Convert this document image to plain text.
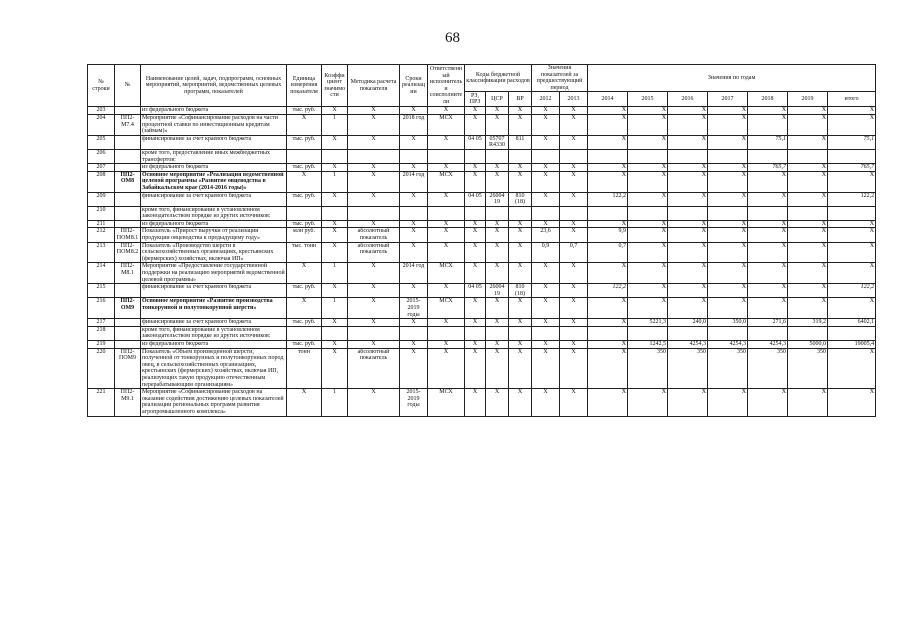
68
№ строки	№	Наименование целей, задач, подпрограмм, основных мероприятий, мероприятий, ведомственных целевых программ, показателей	Единица измерения показателя	Коэффициент значимости	Методика расчета показателя	Сроки реализации	Ответственный исполнитель и соисполнители	Коды бюджетной классификации расходов			Значения показателей за предшествующий период		Значения по годам						
								РЗ, ПРЗ	ЦСР	ВР	2012	2013	2014	2015	2016	2017	2018	2019	итого
203		из федерального бюджета	тыс. руб.	X	X	X	X	X	X	X	X	X	X	X	X	X	X	X	X
204	ПП2-М7.4	Мероприятие «Софинансирование расходов на части процентной ставки по инвестиционным кредитам (займам)»	X	1	X	2018 год	МСХ	X	X	X	X	X	X	X	X	X	X	X	X
205		финансирование за счет краевого бюджета	тыс. руб.	X	X	X	X	04 05	05707 R4330	811	X	X	X	X	X	X	75,1	X	75,1
206		кроме того, предоставление иных межбюджетных трансфертов:																	
207		из федерального бюджета	тыс. руб.	X	X	X	X	X	X	X	X	X	X	X	X	X	765,7	X	765,7
208	ПП2-ОМ8	Основное мероприятие «Реализация ведомственной целевой программы «Развитие овцеводства в Забайкальском крае (2014-2016 годы)»	X	1	X	2014 год	МСХ	X	X	X	X	X	X	X	X	X	X	X	X
209		финансирование за счет краевого бюджета	тыс. руб.	X	X	X	X	04 05	26004 19	810 (18)	X	X	122,2	X	X	X	X	X	122,2
210		кроме того, финансирование в установленном законодательством порядке из других источников:																	
211		из федерального бюджета	тыс. руб.	X	X	X	X	X	X	X	X	X	X	X	X	X	X	X	X
212	ПП2-ПОМ8.1	Показатель «Прирост выручки от реализации продукции овцеводства к предыдущему году»	млн руб.	X	абсолютный показатель	X	X	X	X	X	23,6	X	9,9	X	X	X	X	X	X
213	ПП2-ПОМ8.2	Показатель «Производство шерсти в сельскохозяйственных организациях, крестьянских (фермерских) хозяйствах, включая ИП»	тыс. тонн	X	абсолютный показатель	X	X	X	X	X	0,9	0,7	0,7	X	X	X	X	X	X
214	ПП2-М8.1	Мероприятие «Предоставление государственной поддержки на реализацию мероприятий ведомственной целевой программы»	X	1	X	2014 год	МСХ	X	X	X	X	X	X	X	X	X	X	X	X
215		финансирование за счет краевого бюджета	тыс. руб.	X	X	X	X	04 05	26004 19	810 (18)	X	X	122,2	X	X	X	X	X	122,2
216	ПП2-ОМ9	Основное мероприятие «Развитие производства тонкорунной и полутонкорунной шерсти»	X	1	X	2015-2019 годы	МСХ	X	X	X	X	X	X	X	X	X	X	X	X
217		финансирование за счет краевого бюджета	тыс. руб.	X	X	X	X	X	X	X	X	X	X	5221,3	240,0	350,0	271,6	319,2	6402,1
218		кроме того, финансирование в установленном законодательством порядке из других источников:																	
219		из федерального бюджета	тыс. руб.	X	X	X	X	X	X	X	X	X	X	1242,5	4254,3	4254,3	4254,3	5000,0	19005,4
220	ПП2-ПОМ9	Показатель «Объем произведенной шерсти, полученной от тонкорунных и полутонкорунных пород овец, в сельскохозяйственных организациях, крестьянских (фермерских) хозяйствах, включая ИП, реализующих такую продукцию отечественным перерабатывающим организациям»	тонн	X	абсолютный показатель	X	X	X	X	X	X	X	X	350	350	350	350	350	X
221	ПП2-М9.1	Мероприятие «Софинансирование расходов на оказание содействия достижению целевых показателей реализации региональных программ развития агропромышленного комплекса»	X	1	X	2015-2019 годы	МСХ	X	X	X	X	X	X	X	X	X	X	X	X
